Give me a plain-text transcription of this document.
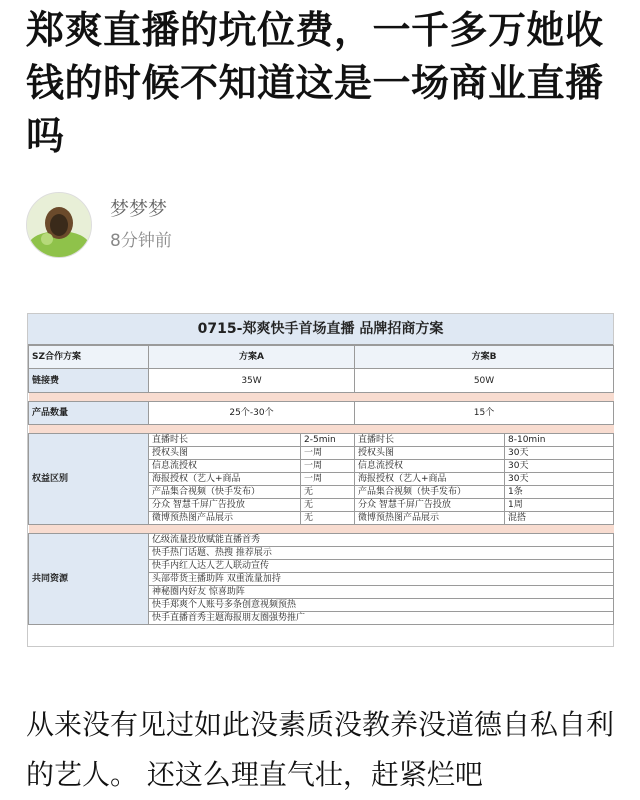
郑爽直播的坑位费，一千多万她收钱的时候不知道这是一场商业直播吗
梦梦梦
8分钟前
0715-郑爽快手首场直播 品牌招商方案
SZ合作方案	方案A		方案B	
链接费	35W		50W	

产品数量	25个-30个		15个	

权益区别	直播时长	2-5min	直播时长	8-10min
	授权头图	一周	授权头图	30天
	信息流授权	一周	信息流授权	30天
	海报授权（艺人+商品	一周	海报授权（艺人+商品	30天
	产品集合视频（快手发布）	无	产品集合视频（快手发布）	1条
	分众 智慧千屏广告投放	无	分众 智慧千屏广告投放	1周
	微博预热图产品展示	无	微博预热图产品展示	混搭

共同资源	亿级流量投放赋能直播首秀			
	快手热门话题、热搜 推荐展示			
	快手内红人达人艺人联动宣传			
	头部带货主播助阵 双重流量加持			
	神秘圈内好友 惊喜助阵			
	快手郑爽个人账号多条创意视频预热			
	快手直播首秀主题海报朋友圈强势推广			
从来没有见过如此没素质没教养没道德自私自利的艺人。 还这么理直气壮，赶紧烂吧
